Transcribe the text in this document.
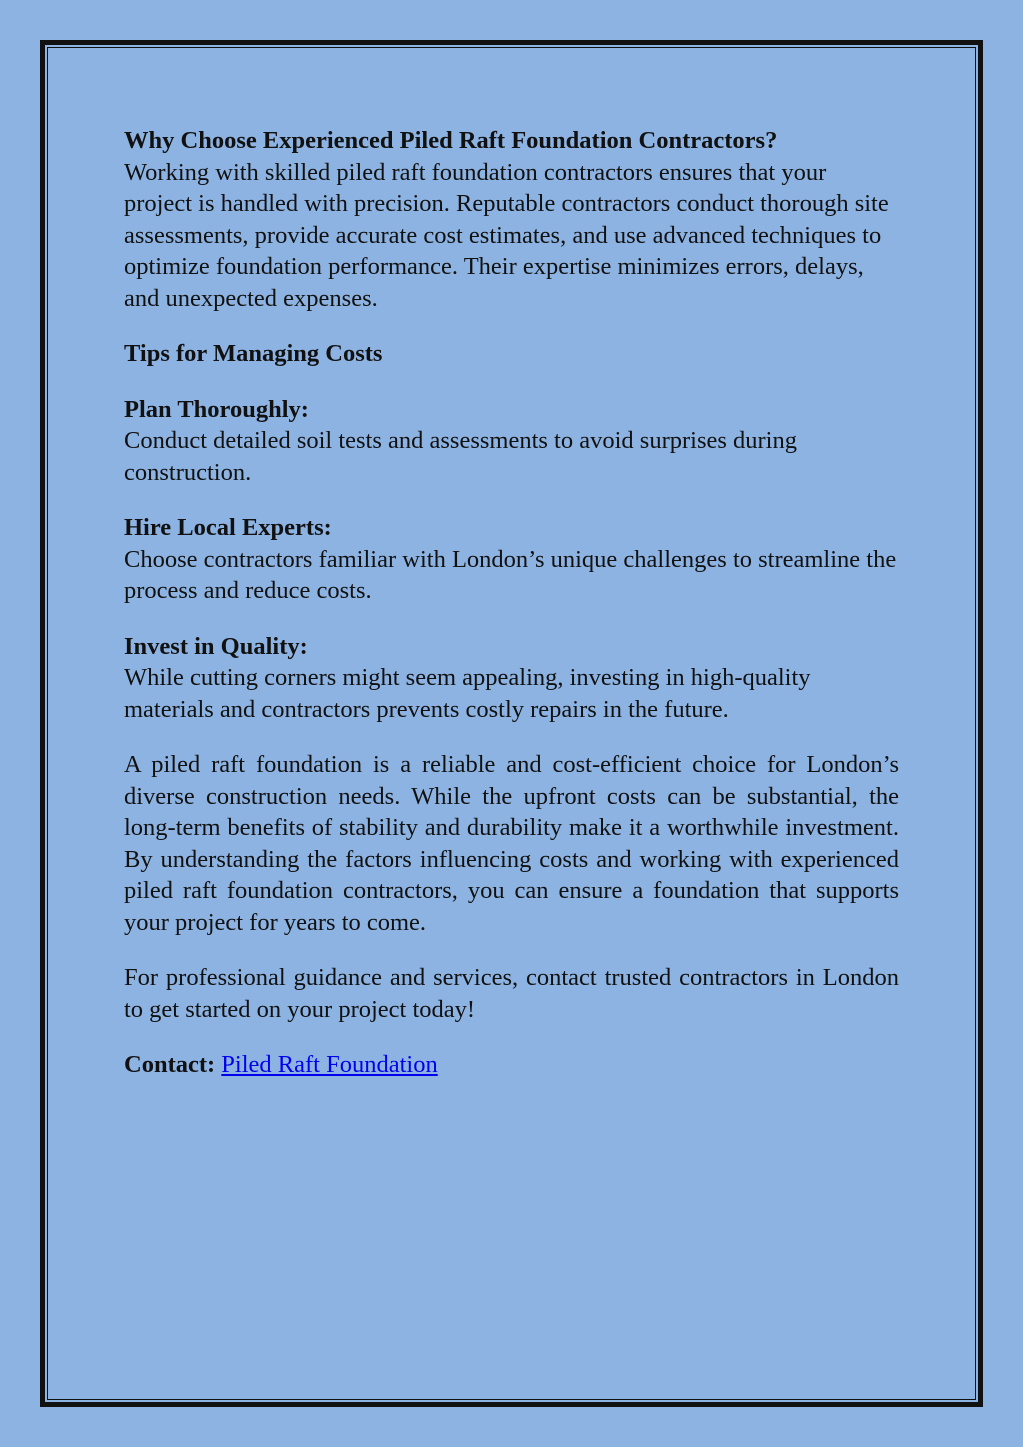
Why Choose Experienced Piled Raft Foundation Contractors?
Working with skilled piled raft foundation contractors ensures that your project is handled with precision. Reputable contractors conduct thorough site assessments, provide accurate cost estimates, and use advanced techniques to optimize foundation performance. Their expertise minimizes errors, delays, and unexpected expenses.
Tips for Managing Costs
Plan Thoroughly:
Conduct detailed soil tests and assessments to avoid surprises during construction.
Hire Local Experts:
Choose contractors familiar with London’s unique challenges to streamline the process and reduce costs.
Invest in Quality:
While cutting corners might seem appealing, investing in high-quality materials and contractors prevents costly repairs in the future.
A piled raft foundation is a reliable and cost-efficient choice for London’s diverse construction needs. While the upfront costs can be substantial, the long-term benefits of stability and durability make it a worthwhile investment. By understanding the factors influencing costs and working with experienced piled raft foundation contractors, you can ensure a foundation that supports your project for years to come.
For professional guidance and services, contact trusted contractors in London to get started on your project today!
Contact: Piled Raft Foundation
